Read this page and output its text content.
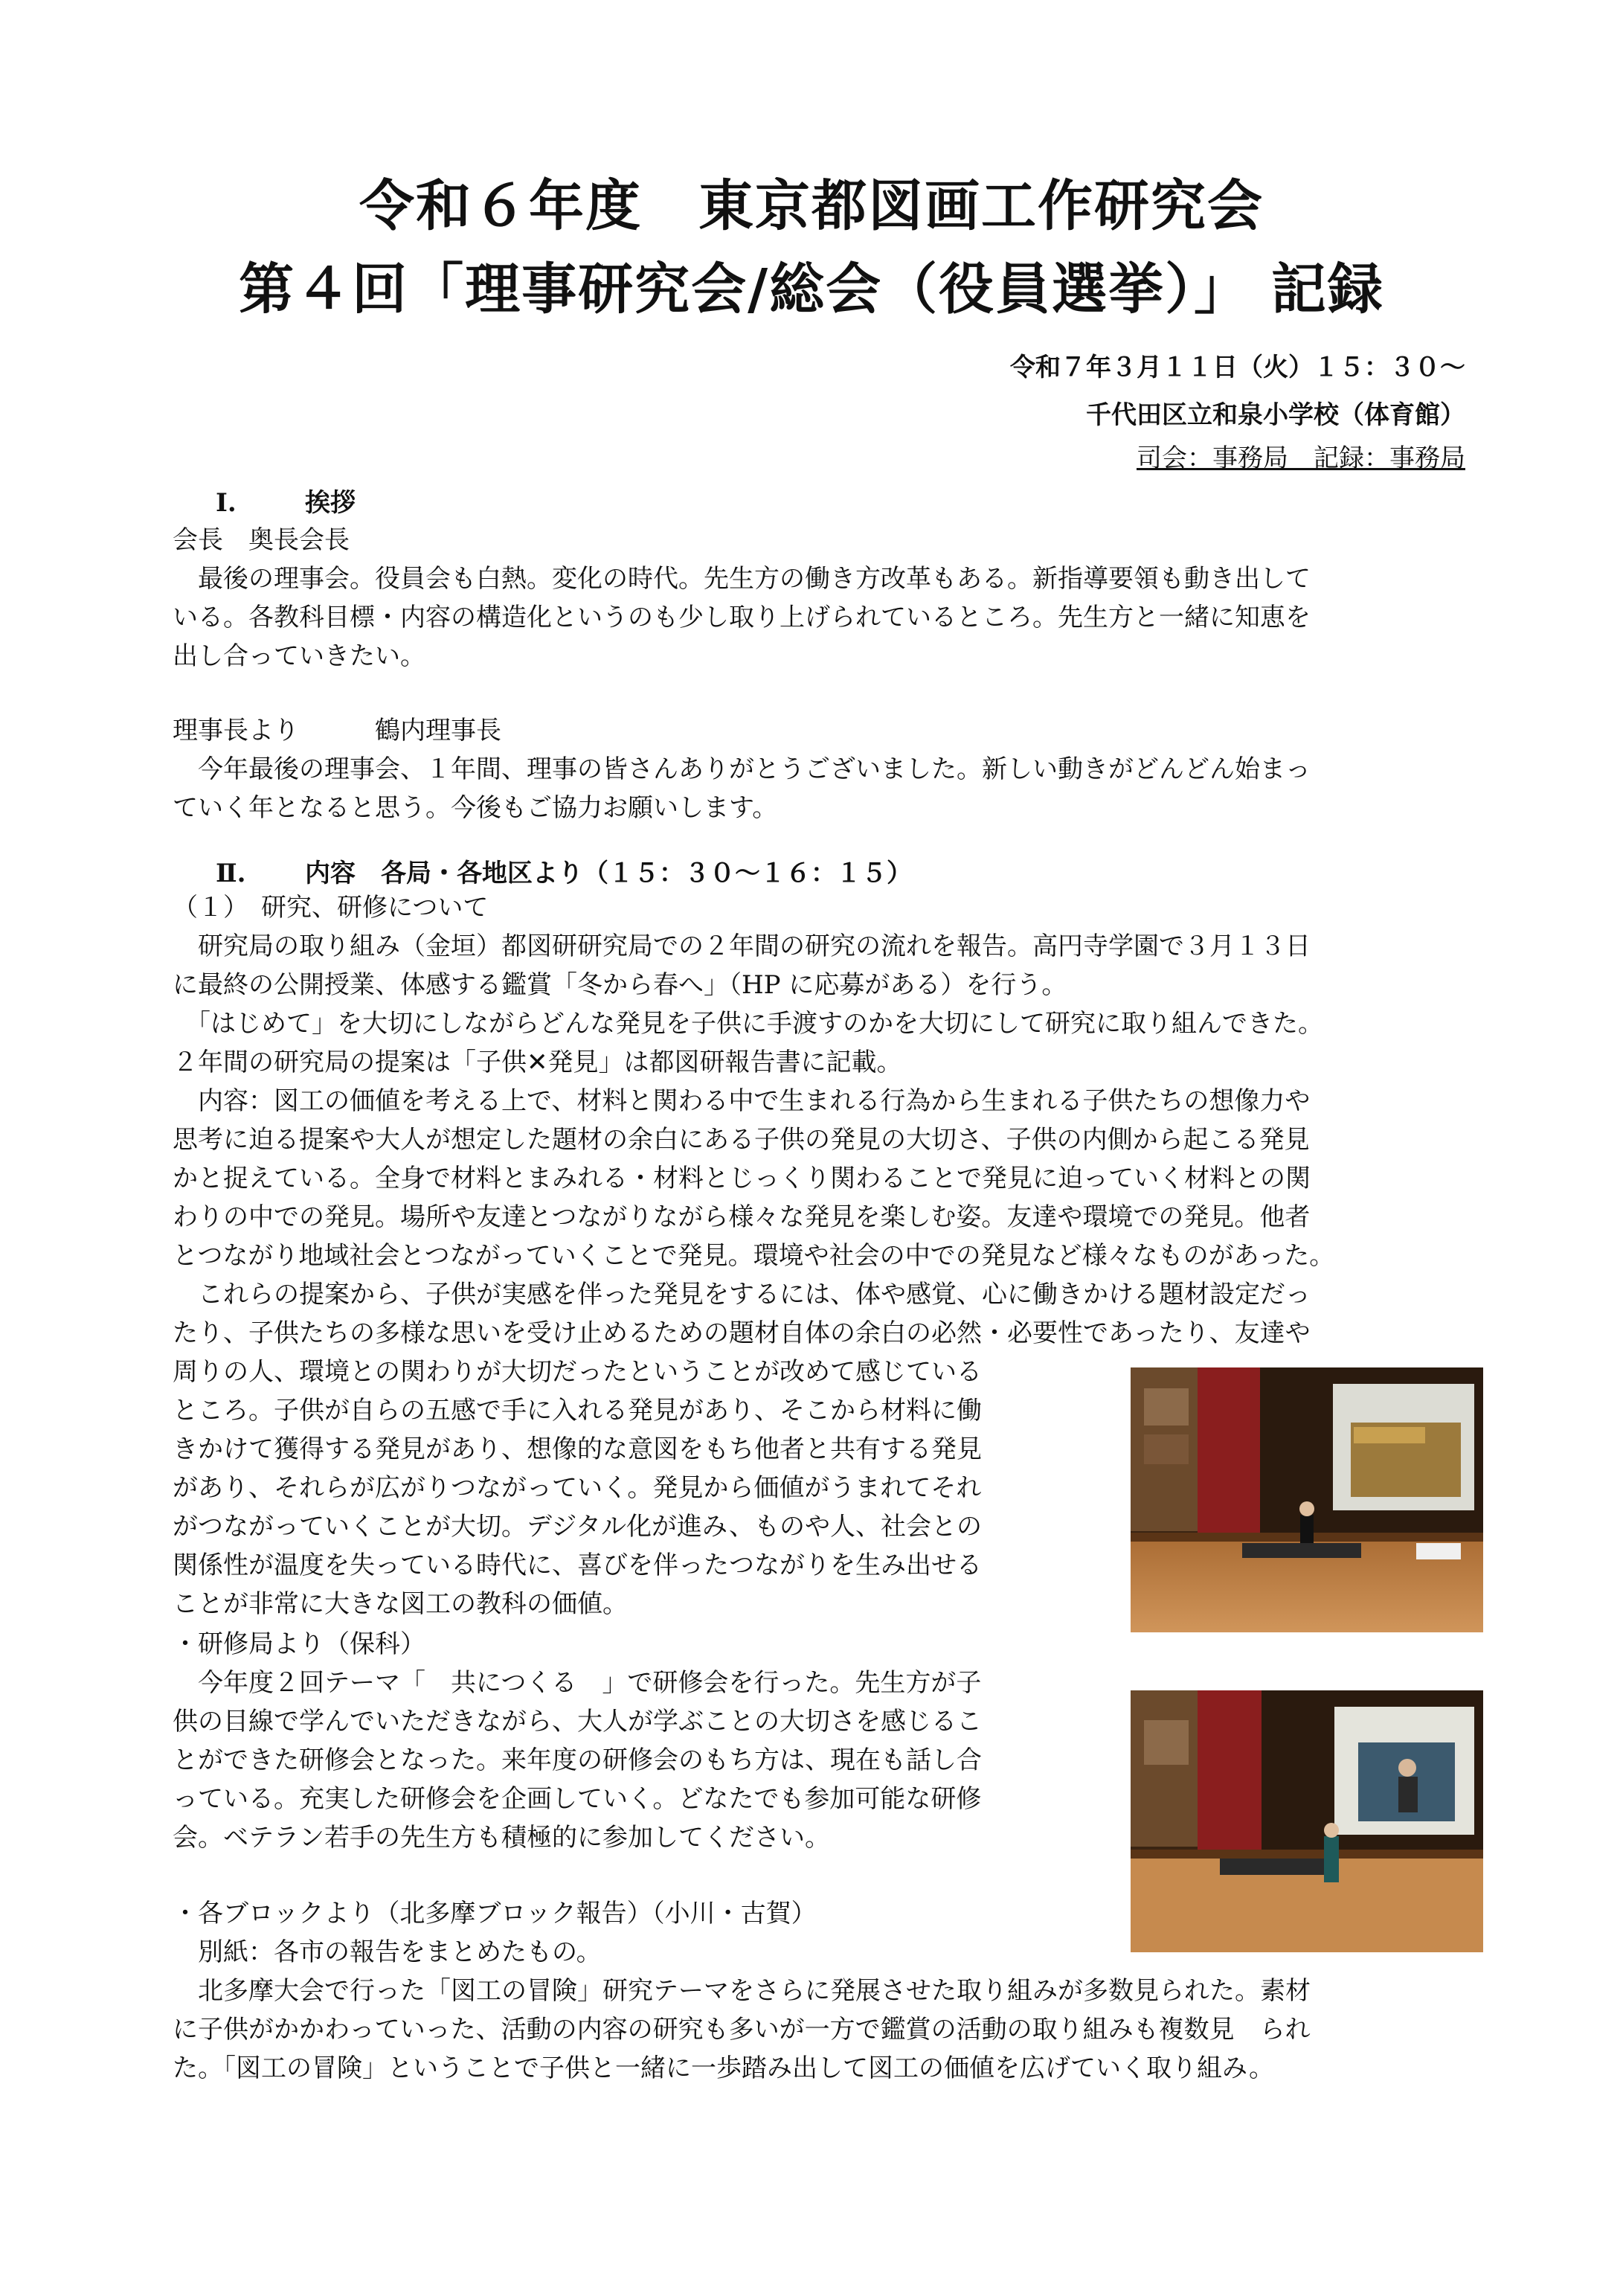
令和６年度　東京都図画工作研究会
第４回「理事研究会/総会（役員選挙）」 記録
令和７年３月１１日（火）１５：３０～
千代田区立和泉小学校（体育館）
司会：事務局　記録：事務局
Ⅰ.	挨拶

会長　奥長会長

　最後の理事会。役員会も白熱。変化の時代。先生方の働き方改革もある。新指導要領も動き出して

いる。各教科目標・内容の構造化というのも少し取り上げられているところ。先生方と一緒に知恵を

出し合っていきたい。

理事長より　　　鶴内理事長

　今年最後の理事会、１年間、理事の皆さんありがとうございました。新しい動きがどんどん始まっ

ていく年となると思う。今後もご協力お願いします。

Ⅱ. 内容　各局・各地区より（１５：３０～１６：１５）

（１）　研究、研修について

　研究局の取り組み（金垣）都図研研究局での２年間の研究の流れを報告。高円寺学園で３月１３日

に最終の公開授業、体感する鑑賞「冬から春へ」（HP に応募がある）を行う。

　「はじめて」を大切にしながらどんな発見を子供に手渡すのかを大切にして研究に取り組んできた。

２年間の研究局の提案は「子供✕発見」は都図研報告書に記載。

　内容：図工の価値を考える上で、材料と関わる中で生まれる行為から生まれる子供たちの想像力や

思考に迫る提案や大人が想定した題材の余白にある子供の発見の大切さ、子供の内側から起こる発見

かと捉えている。全身で材料とまみれる・材料とじっくり関わることで発見に迫っていく材料との関

わりの中での発見。場所や友達とつながりながら様々な発見を楽しむ姿。友達や環境での発見。他者

とつながり地域社会とつながっていくことで発見。環境や社会の中での発見など様々なものがあった。

　これらの提案から、子供が実感を伴った発見をするには、体や感覚、心に働きかける題材設定だっ

たり、子供たちの多様な思いを受け止めるための題材自体の余白の必然・必要性であったり、友達や

周りの人、環境との関わりが大切だったということが改めて感じている

ところ。子供が自らの五感で手に入れる発見があり、そこから材料に働

きかけて獲得する発見があり、想像的な意図をもち他者と共有する発見

があり、それらが広がりつながっていく。発見から価値がうまれてそれ

がつながっていくことが大切。デジタル化が進み、ものや人、社会との

関係性が温度を失っている時代に、喜びを伴ったつながりを生み出せる

ことが非常に大きな図工の教科の価値。

・研修局より（保科）

　今年度２回テーマ「　共につくる　」で研修会を行った。先生方が子

供の目線で学んでいただきながら、大人が学ぶことの大切さを感じるこ

とができた研修会となった。来年度の研修会のもち方は、現在も話し合

っている。充実した研修会を企画していく。どなたでも参加可能な研修

会。ベテラン若手の先生方も積極的に参加してください。

・各ブロックより（北多摩ブロック報告）（小川・古賀）

　別紙：各市の報告をまとめたもの。

　北多摩大会で行った「図工の冒険」研究テーマをさらに発展させた取り組みが多数見られた。素材

に子供がかかわっていった、活動の内容の研究も多いが一方で鑑賞の活動の取り組みも複数見　られ

た。「図工の冒険」ということで子供と一緒に一歩踏み出して図工の価値を広げていく取り組み。
